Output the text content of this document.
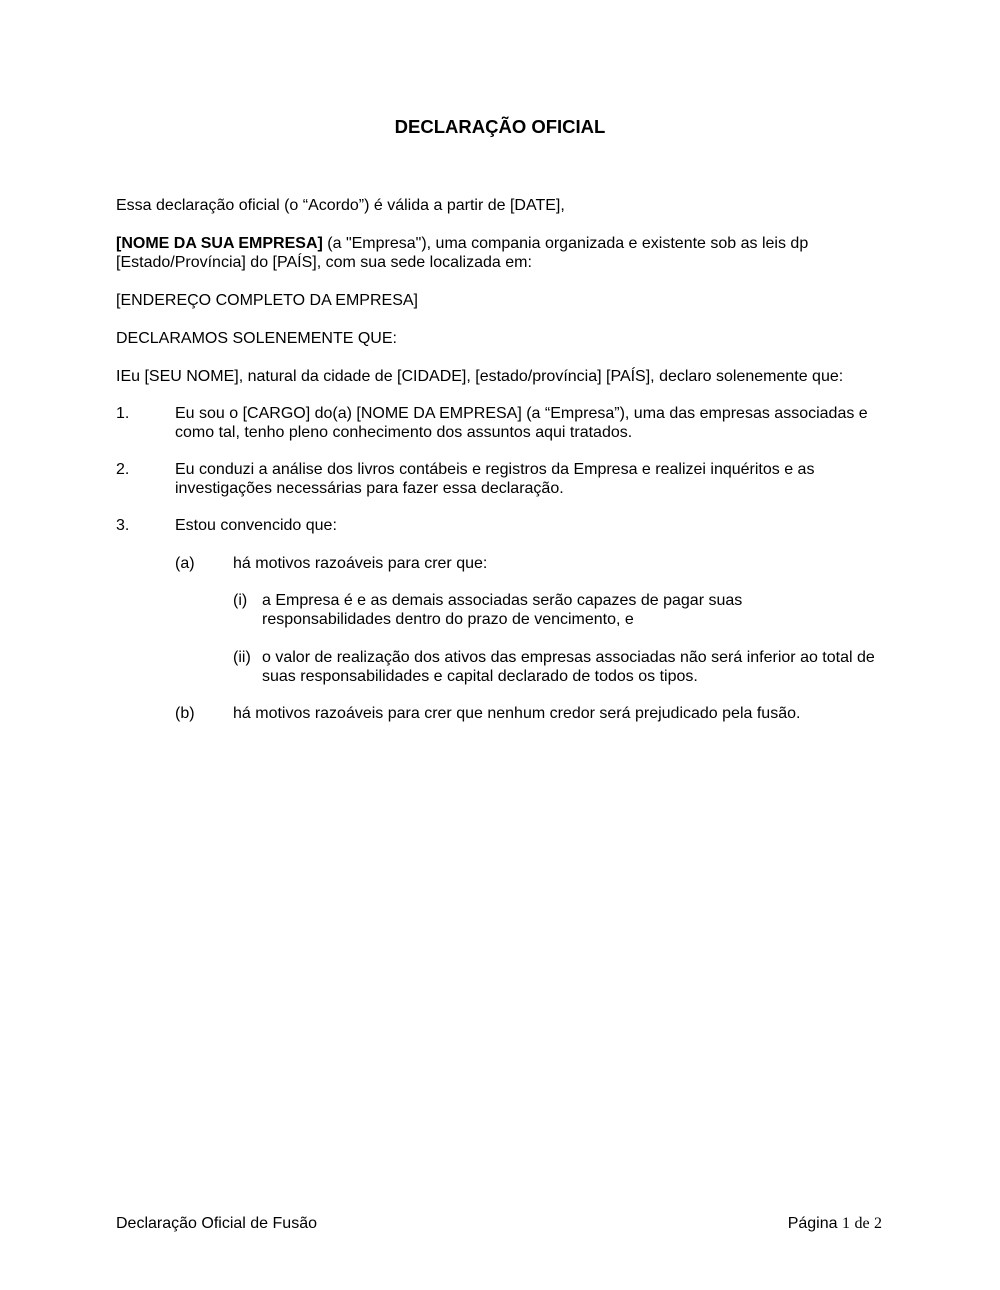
DECLARAÇÃO OFICIAL
Essa declaração oficial (o “Acordo”) é válida a partir de [DATE],
[NOME DA SUA EMPRESA] (a "Empresa"), uma compania organizada e existente sob as leis dp [Estado/Província] do [PAÍS], com sua sede localizada em:
[ENDEREÇO COMPLETO DA EMPRESA]
DECLARAMOS SOLENEMENTE QUE:
IEu [SEU NOME], natural da cidade de [CIDADE], [estado/província] [PAÍS], declaro solenemente que:
1.	Eu sou o [CARGO] do(a) [NOME DA EMPRESA] (a “Empresa”), uma das empresas associadas e como tal, tenho pleno conhecimento dos assuntos aqui tratados.
2.	Eu conduzi a análise dos livros contábeis e registros da Empresa e realizei inquéritos e as investigações necessárias para fazer essa declaração.
3.	Estou convencido que:
(a) há motivos razoáveis para crer que:
(i) a Empresa é e as demais associadas serão capazes de pagar suas responsabilidades dentro do prazo de vencimento, e
(ii) o valor de realização dos ativos das empresas associadas não será inferior ao total de suas responsabilidades e capital declarado de todos os tipos.
(b) há motivos razoáveis para crer que nenhum credor será prejudicado pela fusão.
Declaração Oficial de Fusão	Página 1 de 2
